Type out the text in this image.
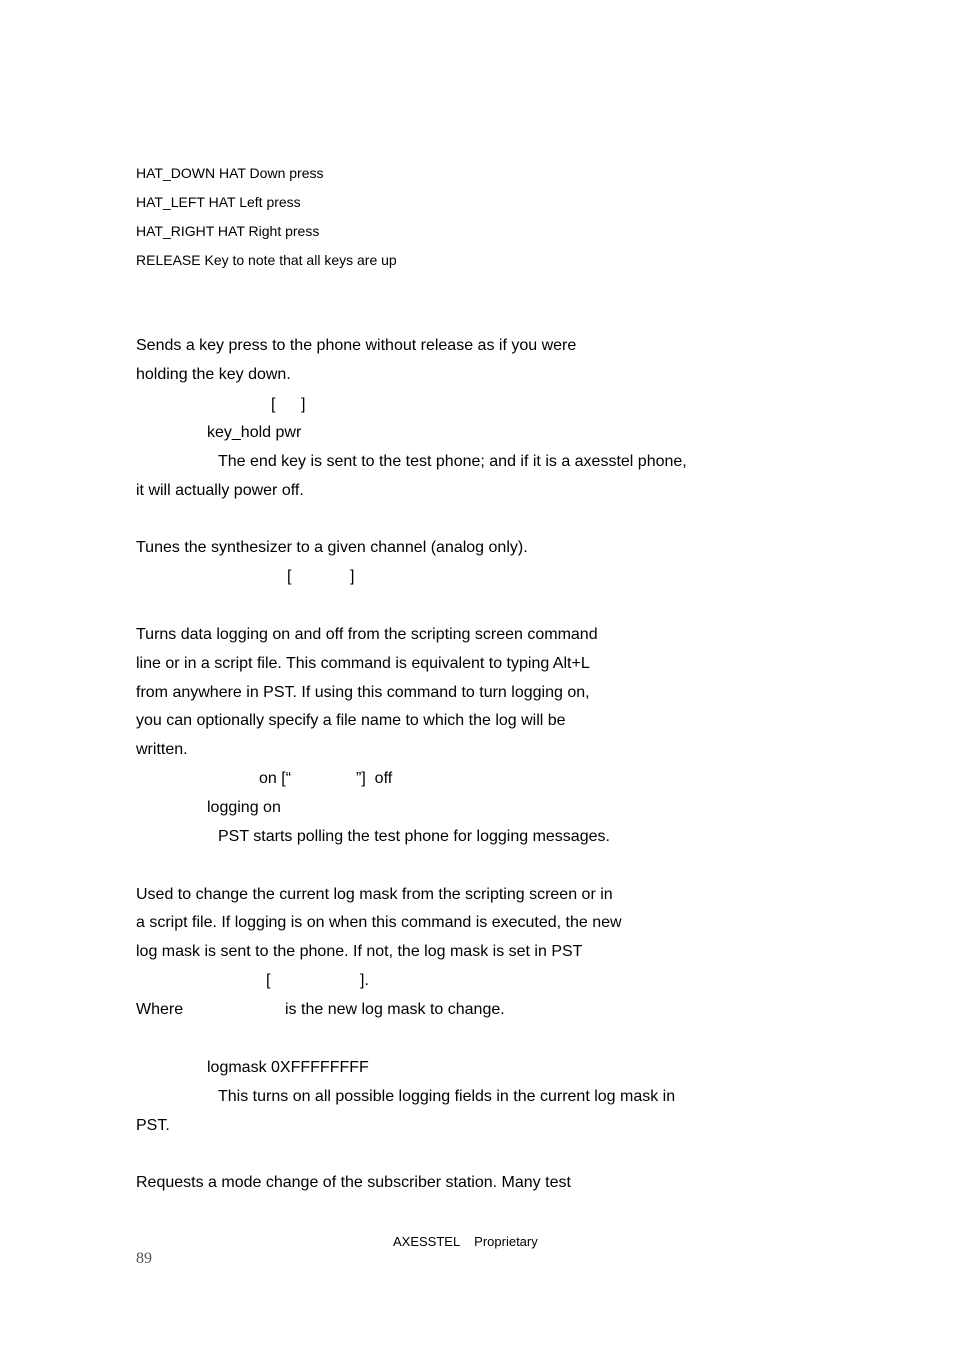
HAT_DOWN HAT Down press
HAT_LEFT HAT Left press
HAT_RIGHT HAT Right press
RELEASE Key to note that all keys are up
Sends a key press to the phone without release as if you were
holding the key down.
[ ]
key_hold pwr
The end key is sent to the test phone; and if it is a axesstel phone,
it will actually power off.
Tunes the synthesizer to a given channel (analog only).
[	]
Turns data logging on and off from the scripting screen command
line or in a script file. This command is equivalent to typing Alt+L
from anywhere in PST. If using this command to turn logging on,
you can optionally specify a file name to which the log will be
written.
on [“	”]  off
logging on
PST starts polling the test phone for logging messages.
Used to change the current log mask from the scripting screen or in
a script file. If logging is on when this command is executed, the new
log mask is sent to the phone. If not, the log mask is set in PST
[	].
Where	is the new log mask to change.
logmask 0XFFFFFFFF
This turns on all possible logging fields in the current log mask in
PST.
Requests a mode change of the subscriber station. Many test
AXESSTEL    Proprietary
89
